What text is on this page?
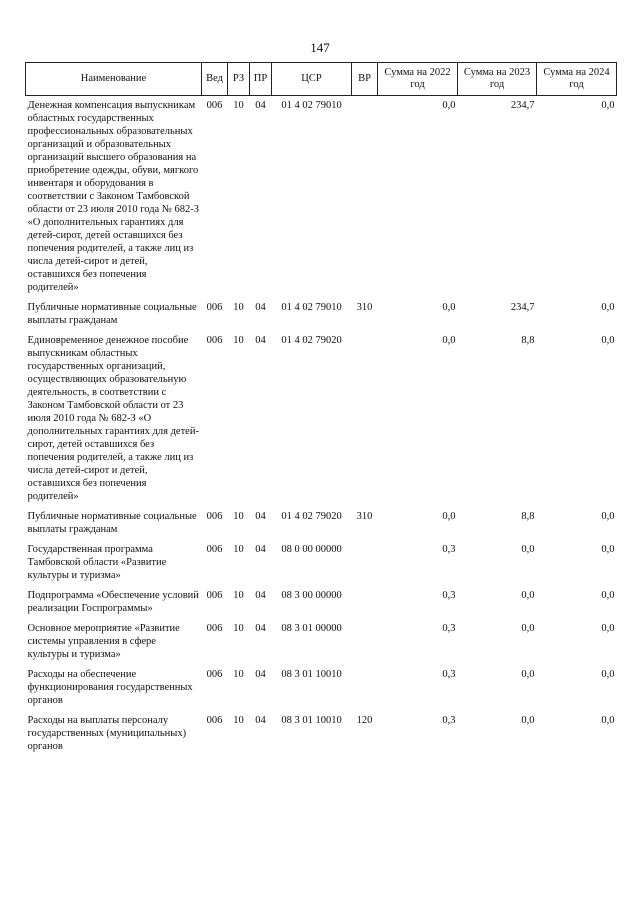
147
Наименование	Вед	РЗ	ПР	ЦСР	ВР	Сумма на 2022 год	Сумма на 2023 год	Сумма на 2024 год
Денежная компенсация выпускникам областных государственных профессиональных образовательных организаций и образовательных организаций высшего образования на приобретение одежды, обуви, мягкого инвентаря и оборудования в соответствии с Законом Тамбовской области от 23 июля 2010 года № 682-З «О дополнительных гарантиях для детей-сирот, детей оставшихся без попечения родителей, а также лиц из числа детей-сирот и детей, оставшихся без попечения родителей»	006	10	04	01 4 02 79010		0,0	234,7	0,0
Публичные нормативные социальные выплаты гражданам	006	10	04	01 4 02 79010	310	0,0	234,7	0,0
Единовременное денежное пособие выпускникам областных государственных организаций, осуществляющих образовательную деятельность, в соответствии с Законом Тамбовской области от 23 июля 2010 года № 682-З «О дополнительных гарантиях для детей-сирот, детей оставшихся без попечения родителей, а также лиц из числа детей-сирот и детей, оставшихся без попечения родителей»	006	10	04	01 4 02 79020		0,0	8,8	0,0
Публичные нормативные социальные выплаты гражданам	006	10	04	01 4 02 79020	310	0,0	8,8	0,0
Государственная программа Тамбовской области «Развитие культуры и туризма»	006	10	04	08 0 00 00000		0,3	0,0	0,0
Подпрограмма «Обеспечение условий реализации Госпрограммы»	006	10	04	08 3 00 00000		0,3	0,0	0,0
Основное мероприятие «Развитие системы управления в сфере культуры и туризма»	006	10	04	08 3 01 00000		0,3	0,0	0,0
Расходы на обеспечение функционирования государственных органов	006	10	04	08 3 01 10010		0,3	0,0	0,0
Расходы на выплаты персоналу государственных (муниципальных) органов	006	10	04	08 3 01 10010	120	0,3	0,0	0,0
